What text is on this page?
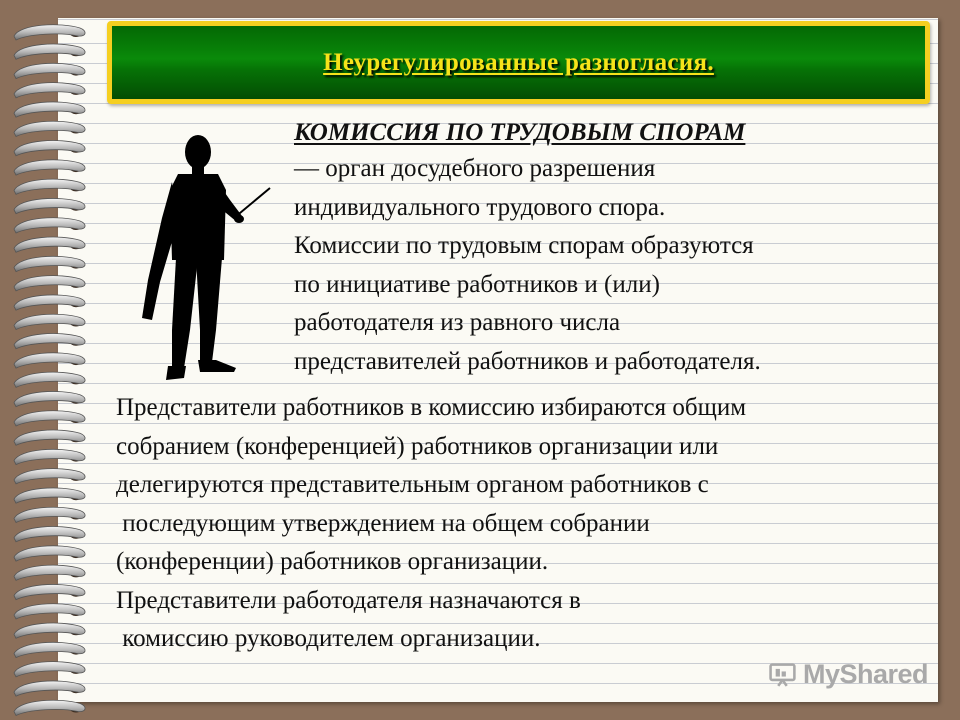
Неурегулированные разногласия.
КОМИССИЯ ПО ТРУДОВЫМ СПОРАМ
— орган досудебного разрешения
индивидуального трудового спора.
Комиссии по трудовым спорам образуются
по инициативе работников и (или)
работодателя из равного числа
представителей работников и работодателя.
Представители работников в комиссию избираются общим
собранием (конференцией) работников организации или
делегируются представительным органом работников с
последующим утверждением на общем собрании
(конференции) работников организации.
Представители работодателя назначаются в
комиссию руководителем организации.
MyShared
